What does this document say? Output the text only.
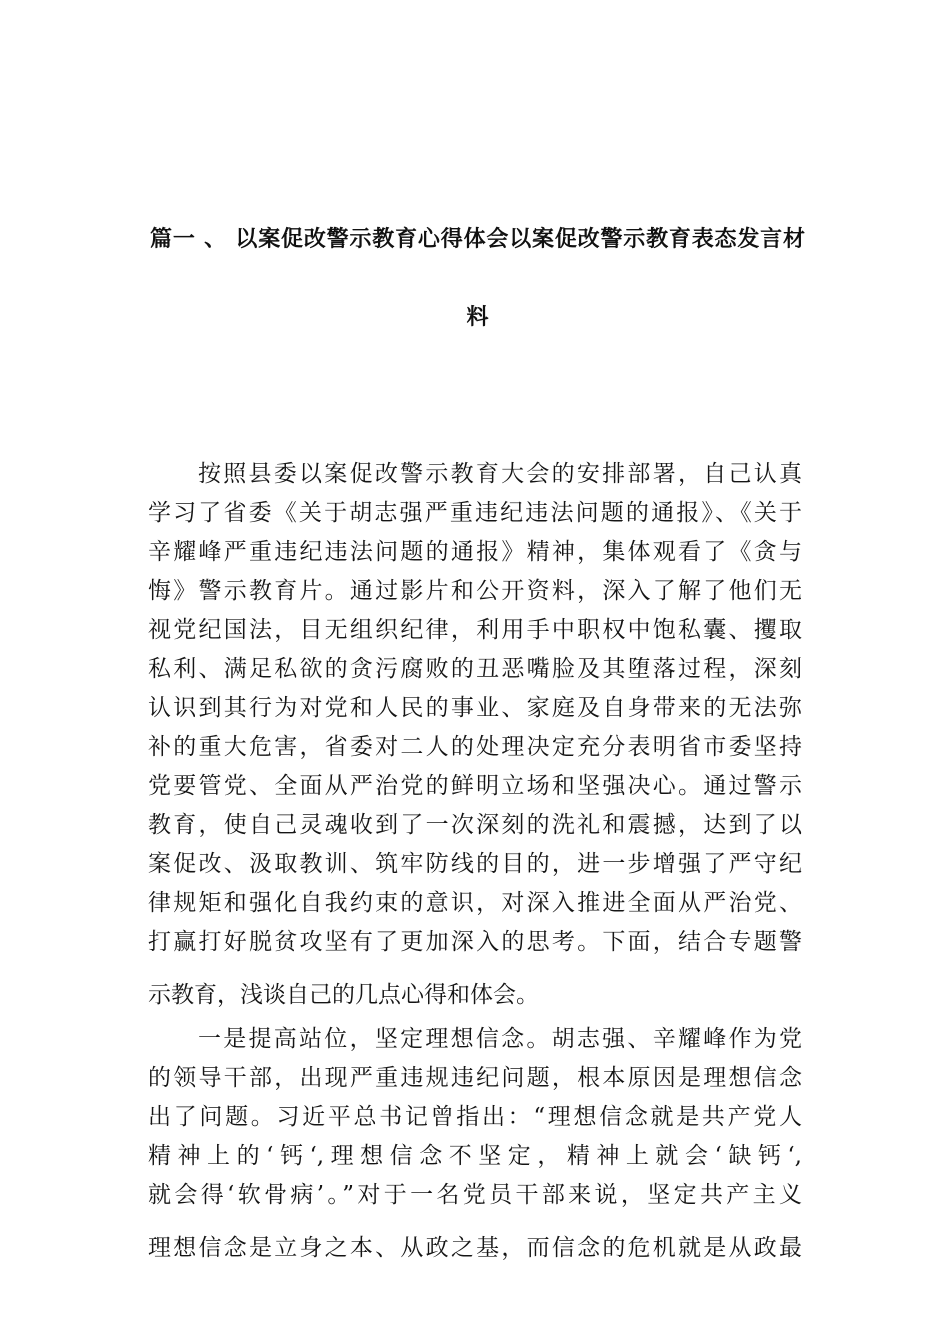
篇一 、 以案促改警示教育心得体会以案促改警示教育表态发言材
料
按照县委以案促改警示教育大会的安排部署，自己认真
学习了省委《关于胡志强严重违纪违法问题的通报》、《关于
辛耀峰严重违纪违法问题的通报》精神，集体观看了《贪与
悔》警示教育片。通过影片和公开资料，深入了解了他们无
视党纪国法，目无组织纪律，利用手中职权中饱私囊、攫取
私利、满足私欲的贪污腐败的丑恶嘴脸及其堕落过程，深刻
认识到其行为对党和人民的事业、家庭及自身带来的无法弥
补的重大危害，省委对二人的处理决定充分表明省市委坚持
党要管党、全面从严治党的鲜明立场和坚强决心。通过警示
教育，使自己灵魂收到了一次深刻的洗礼和震撼，达到了以
案促改、汲取教训、筑牢防线的目的，进一步增强了严守纪
律规矩和强化自我约束的意识，对深入推进全面从严治党、
打赢打好脱贫攻坚有了更加深入的思考。下面，结合专题警
示教育，浅谈自己的几点心得和体会。
一是提高站位，坚定理想信念。胡志强、辛耀峰作为党
的领导干部，出现严重违规违纪问题，根本原因是理想信念
出了问题。习近平总书记曾指出：“理想信念就是共产党人
精神上的‘钙‘,理想信念不坚定，精神上就会‘缺钙‘,
就会得‘软骨病’。”对于一名党员干部来说，坚定共产主义
理想信念是立身之本、从政之基，而信念的危机就是从政最
